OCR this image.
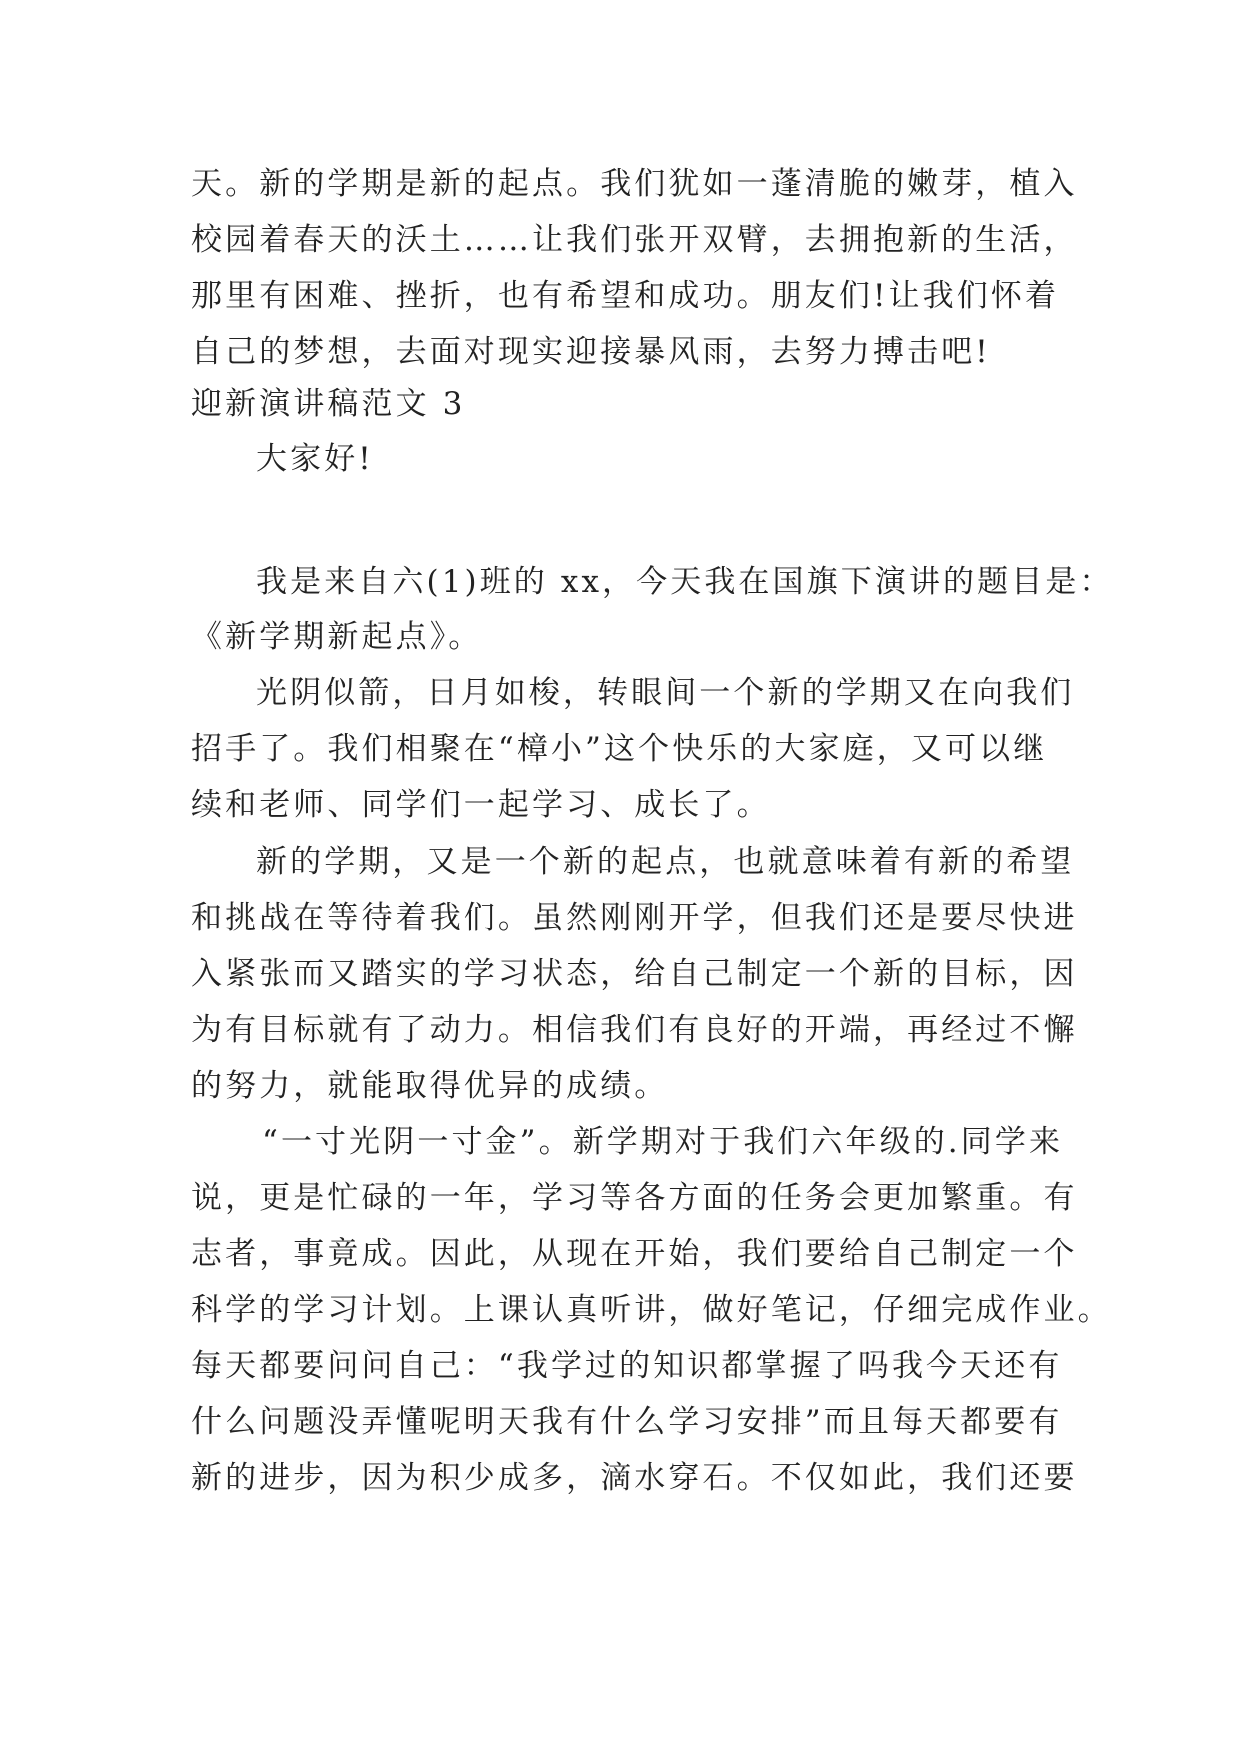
天。新的学期是新的起点。我们犹如一蓬清脆的嫩芽，植入
校园着春天的沃土……让我们张开双臂，去拥抱新的生活，
那里有困难、挫折，也有希望和成功。朋友们!让我们怀着
自己的梦想，去面对现实迎接暴风雨，去努力搏击吧!
迎新演讲稿范文 3
大家好!
我是来自六(1)班的 xx，今天我在国旗下演讲的题目是：
《新学期新起点》。
光阴似箭，日月如梭，转眼间一个新的学期又在向我们
招手了。我们相聚在“樟小”这个快乐的大家庭，又可以继
续和老师、同学们一起学习、成长了。
新的学期，又是一个新的起点，也就意味着有新的希望
和挑战在等待着我们。虽然刚刚开学，但我们还是要尽快进
入紧张而又踏实的学习状态，给自己制定一个新的目标，因
为有目标就有了动力。相信我们有良好的开端，再经过不懈
的努力，就能取得优异的成绩。
“一寸光阴一寸金”。新学期对于我们六年级的.同学来
说，更是忙碌的一年，学习等各方面的任务会更加繁重。有
志者，事竟成。因此，从现在开始，我们要给自己制定一个
科学的学习计划。上课认真听讲，做好笔记，仔细完成作业。
每天都要问问自己：“我学过的知识都掌握了吗我今天还有
什么问题没弄懂呢明天我有什么学习安排”而且每天都要有
新的进步，因为积少成多，滴水穿石。不仅如此，我们还要
